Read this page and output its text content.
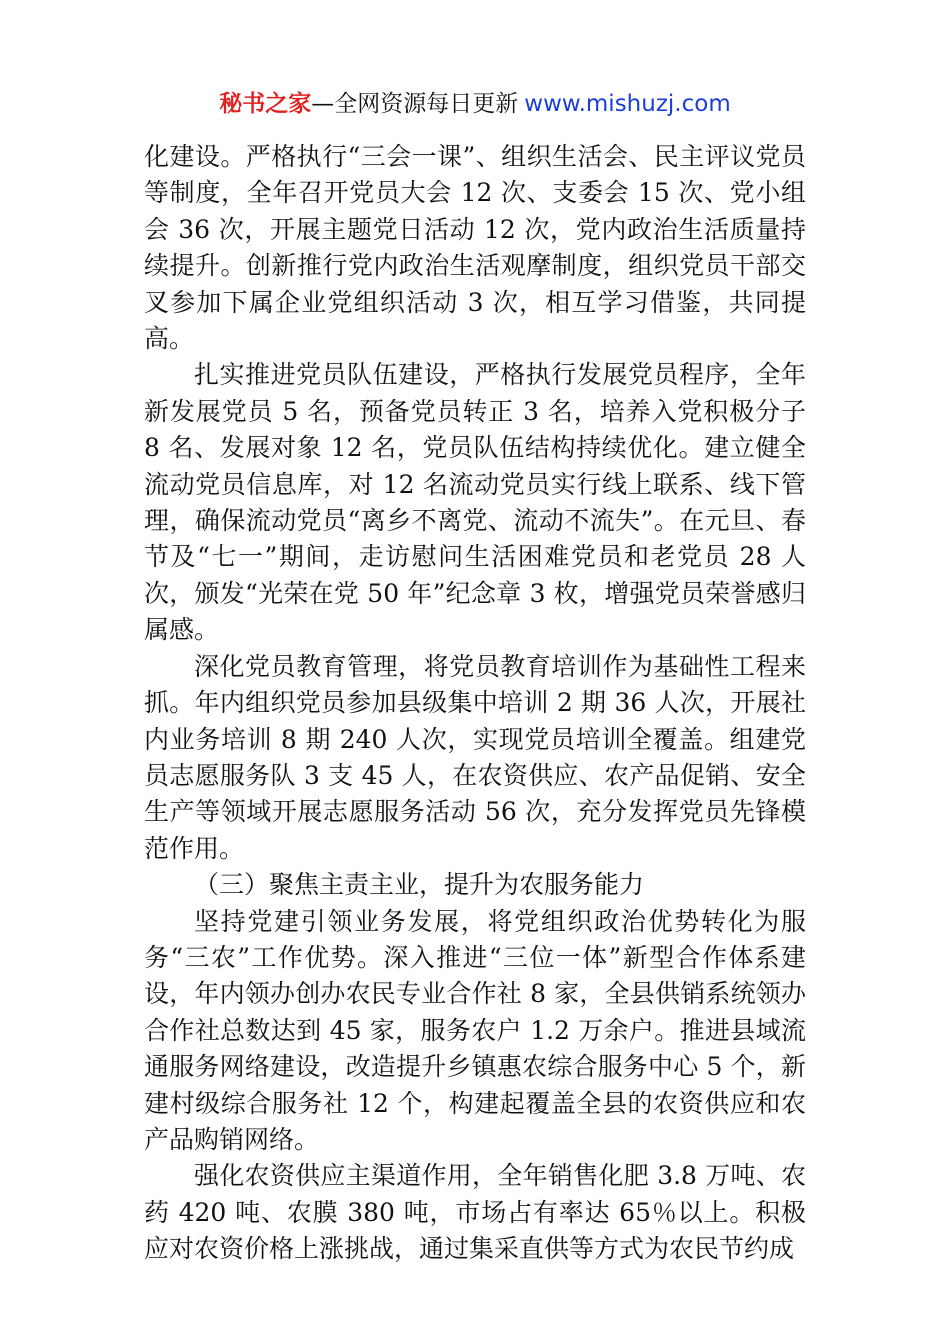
秘书之家—全网资源每日更新 www.mishuzj.com

化建设。严格执行“三会一课”、组织生活会、民主评议党员等制度，全年召开党员大会 12 次、支委会 15 次、党小组会 36 次，开展主题党日活动 12 次，党内政治生活质量持续提升。创新推行党内政治生活观摩制度，组织党员干部交叉参加下属企业党组织活动 3 次，相互学习借鉴，共同提高。

扎实推进党员队伍建设，严格执行发展党员程序，全年新发展党员 5 名，预备党员转正 3 名，培养入党积极分子 8 名、发展对象 12 名，党员队伍结构持续优化。建立健全流动党员信息库，对 12 名流动党员实行线上联系、线下管理，确保流动党员“离乡不离党、流动不流失”。在元旦、春节及“七一”期间，走访慰问生活困难党员和老党员 28 人次，颁发“光荣在党 50 年”纪念章 3 枚，增强党员荣誉感归属感。

深化党员教育管理，将党员教育培训作为基础性工程来抓。年内组织党员参加县级集中培训 2 期 36 人次，开展社内业务培训 8 期 240 人次，实现党员培训全覆盖。组建党员志愿服务队 3 支 45 人，在农资供应、农产品促销、安全生产等领域开展志愿服务活动 56 次，充分发挥党员先锋模范作用。

（三）聚焦主责主业，提升为农服务能力

坚持党建引领业务发展，将党组织政治优势转化为服务“三农”工作优势。深入推进“三位一体”新型合作体系建设，年内领办创办农民专业合作社 8 家，全县供销系统领办合作社总数达到 45 家，服务农户 1.2 万余户。推进县域流通服务网络建设，改造提升乡镇惠农综合服务中心 5 个，新建村级综合服务社 12 个，构建起覆盖全县的农资供应和农产品购销网络。

强化农资供应主渠道作用，全年销售化肥 3.8 万吨、农药 420 吨、农膜 380 吨，市场占有率达 65％以上。积极应对农资价格上涨挑战，通过集采直供等方式为农民节约成
